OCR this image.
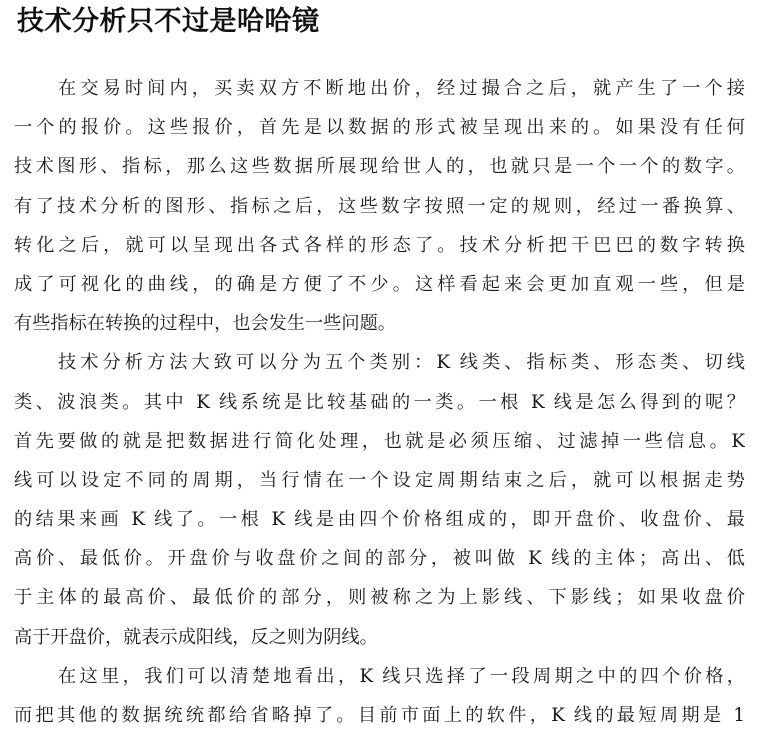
技术分析只不过是哈哈镜
在交易时间内，买卖双方不断地出价，经过撮合之后，就产生了一个接
一个的报价。这些报价，首先是以数据的形式被呈现出来的。如果没有任何
技术图形、指标，那么这些数据所展现给世人的，也就只是一个一个的数字。
有了技术分析的图形、指标之后，这些数字按照一定的规则，经过一番换算、
转化之后，就可以呈现出各式各样的形态了。技术分析把干巴巴的数字转换
成了可视化的曲线，的确是方便了不少。这样看起来会更加直观一些，但是
有些指标在转换的过程中，也会发生一些问题。
技术分析方法大致可以分为五个类别：K 线类、指标类、形态类、切线
类、波浪类。其中 K 线系统是比较基础的一类。一根 K 线是怎么得到的呢？
首先要做的就是把数据进行简化处理，也就是必须压缩、过滤掉一些信息。K
线可以设定不同的周期，当行情在一个设定周期结束之后，就可以根据走势
的结果来画 K 线了。一根 K 线是由四个价格组成的，即开盘价、收盘价、最
高价、最低价。开盘价与收盘价之间的部分，被叫做 K 线的主体；高出、低
于主体的最高价、最低价的部分，则被称之为上影线、下影线；如果收盘价
高于开盘价，就表示成阳线，反之则为阴线。
在这里，我们可以清楚地看出，K 线只选择了一段周期之中的四个价格，
而把其他的数据统统都给省略掉了。目前市面上的软件，K 线的最短周期是 1
